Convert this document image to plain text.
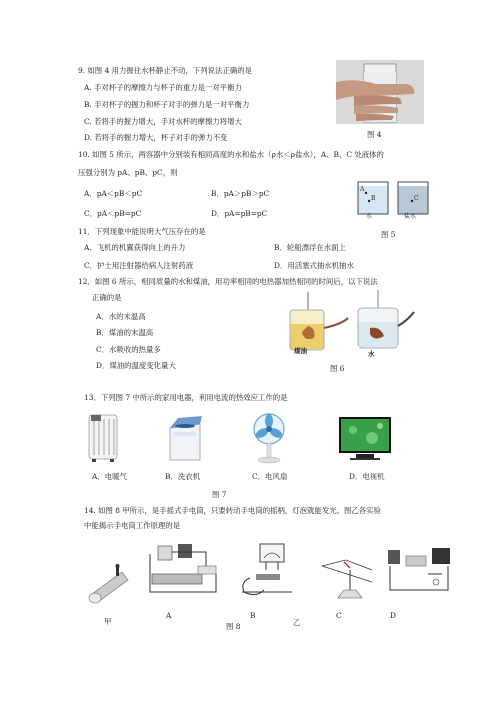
9. 如图 4 用力握住水杯静止不动，下列说法正确的是
A. 手对杯子的摩擦力与杯子的重力是一对平衡力
B. 手对杯子的握力和杯子对手的弹力是一对平衡力
C. 若将手的握力增大，手对水杯的摩擦力将增大
D. 若将手的握力增大，杯子对手的弹力不变	图 4
10. 如图 5 所示，两容器中分别装有相同高度的水和盐水（ρ水＜ρ盐水），A、B、C 处液体的
压强分别为 pA、pB、pC，则
A．pA＜pB＜pC	B．pA＞pB＞pC
C．pA＜pB=pC	D．pA=pB=pC
A
B	C
水	盐水
图 5
11．下列现象中能说明大气压存在的是
A．飞机的机翼获得向上的升力	B．轮船漂浮在水面上
C．护士用注射器给病人注射药液	D．用活塞式抽水机抽水
12．如图 6 所示，相同质量的水和煤油，用功率相同的电热器加热相同的时间后，以下说法
正确的是
A．水的末温高
B．煤油的末温高
C．水吸收的热量多
D．煤油的温度变化量大
煤油	水
图 6
13．下列图 7 中所示的家用电器，利用电流的热效应工作的是
A．电暖气	B．洗衣机	C．电风扇	D．电视机
图 7
14. 如图 8 甲所示，是手摇式手电筒，只要转动手电筒的摇柄，灯泡就能发光。图乙各实验
中能揭示手电筒工作原理的是
甲
A	B	C	D
乙
图 8
